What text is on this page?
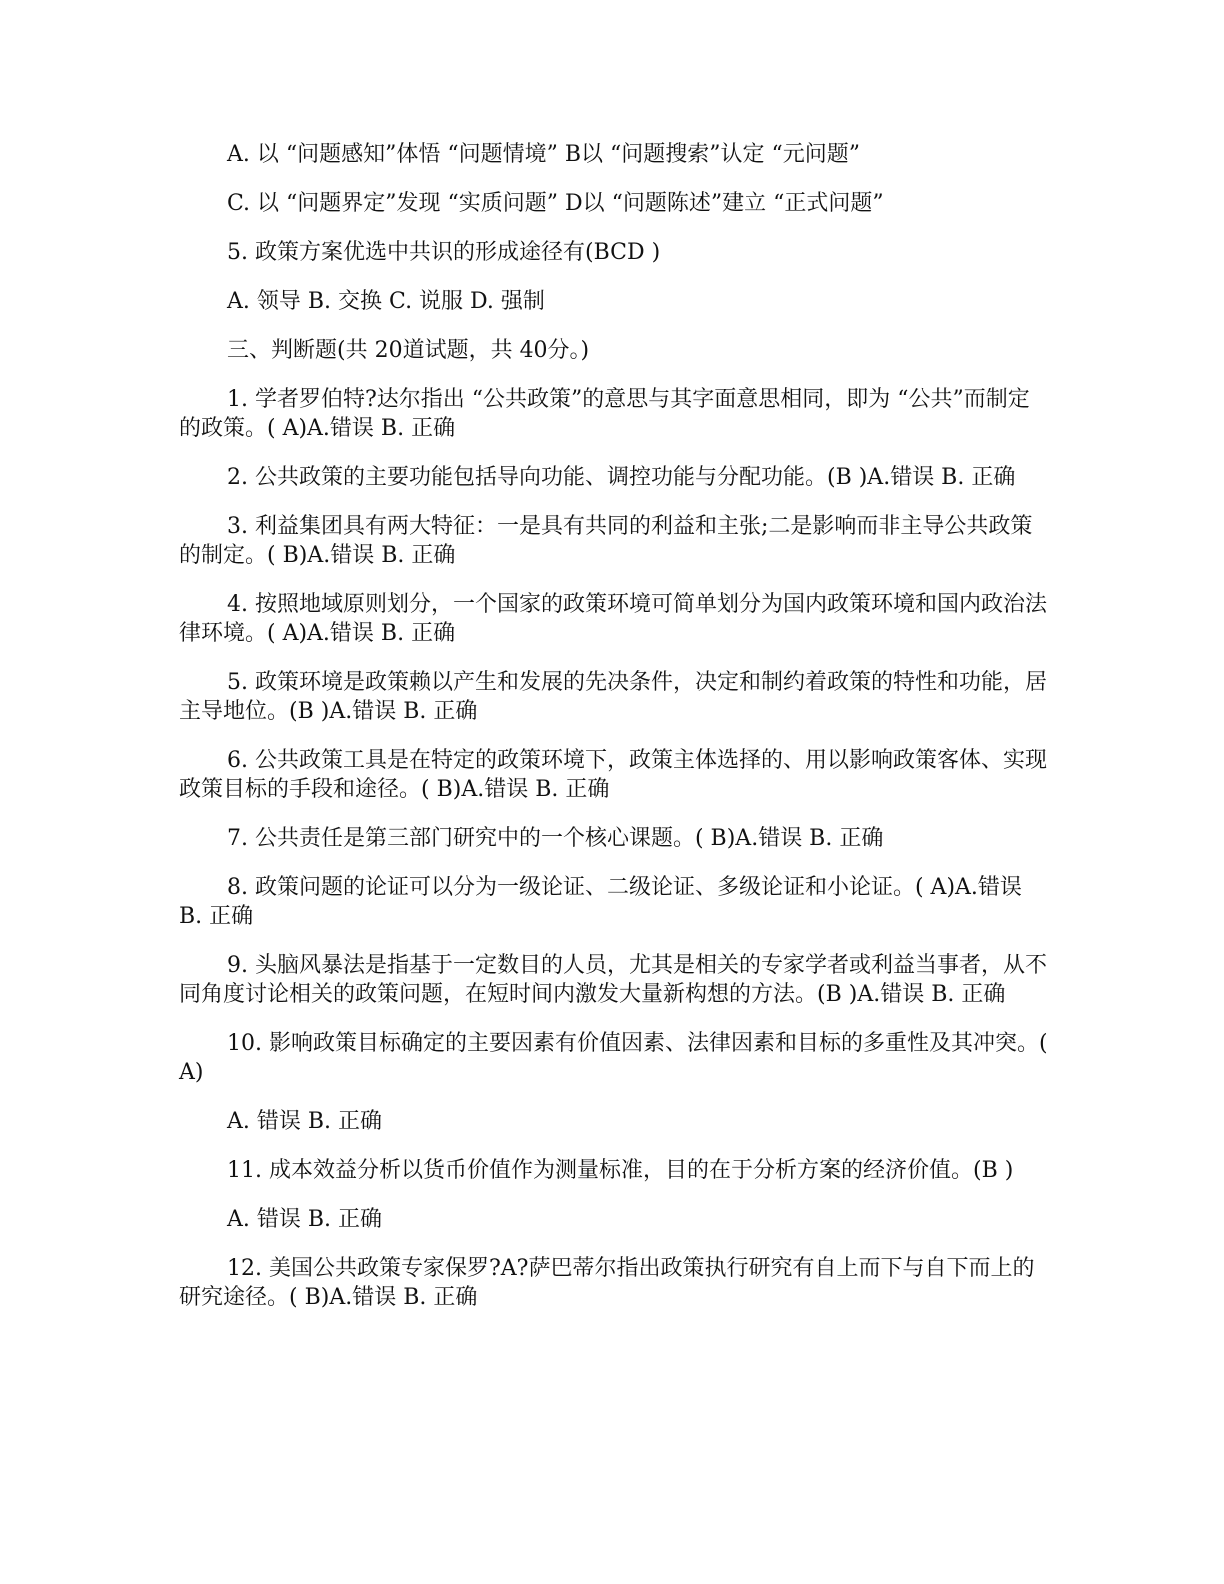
A. 以 “问题感知”体悟 “问题情境” B以 “问题搜索”认定 “元问题”

C. 以 “问题界定”发现 “实质问题” D以 “问题陈述”建立 “正式问题”

5. 政策方案优选中共识的形成途径有(BCD )

A. 领导 B. 交换 C. 说服 D. 强制

三、判断题(共 20道试题，共 40分。)

1. 学者罗伯特?达尔指出 “公共政策”的意思与其字面意思相同，即为 “公共”而制定的政策。( A)A.错误 B. 正确

2. 公共政策的主要功能包括导向功能、调控功能与分配功能。(B )A.错误 B. 正确

3. 利益集团具有两大特征：一是具有共同的利益和主张;二是影响而非主导公共政策的制定。( B)A.错误 B. 正确

4. 按照地域原则划分，一个国家的政策环境可简单划分为国内政策环境和国内政治法律环境。( A)A.错误 B. 正确

5. 政策环境是政策赖以产生和发展的先决条件，决定和制约着政策的特性和功能，居主导地位。(B )A.错误 B. 正确

6. 公共政策工具是在特定的政策环境下，政策主体选择的、用以影响政策客体、实现政策目标的手段和途径。( B)A.错误 B. 正确

7. 公共责任是第三部门研究中的一个核心课题。( B)A.错误 B. 正确

8. 政策问题的论证可以分为一级论证、二级论证、多级论证和小论证。( A)A.错误 B. 正确

9. 头脑风暴法是指基于一定数目的人员，尤其是相关的专家学者或利益当事者，从不同角度讨论相关的政策问题，在短时间内激发大量新构想的方法。(B )A.错误 B. 正确

10. 影响政策目标确定的主要因素有价值因素、法律因素和目标的多重性及其冲突。( A)

A. 错误 B. 正确

11. 成本效益分析以货币价值作为测量标准，目的在于分析方案的经济价值。(B )

A. 错误 B. 正确

12. 美国公共政策专家保罗?A?萨巴蒂尔指出政策执行研究有自上而下与自下而上的研究途径。( B)A.错误 B. 正确
